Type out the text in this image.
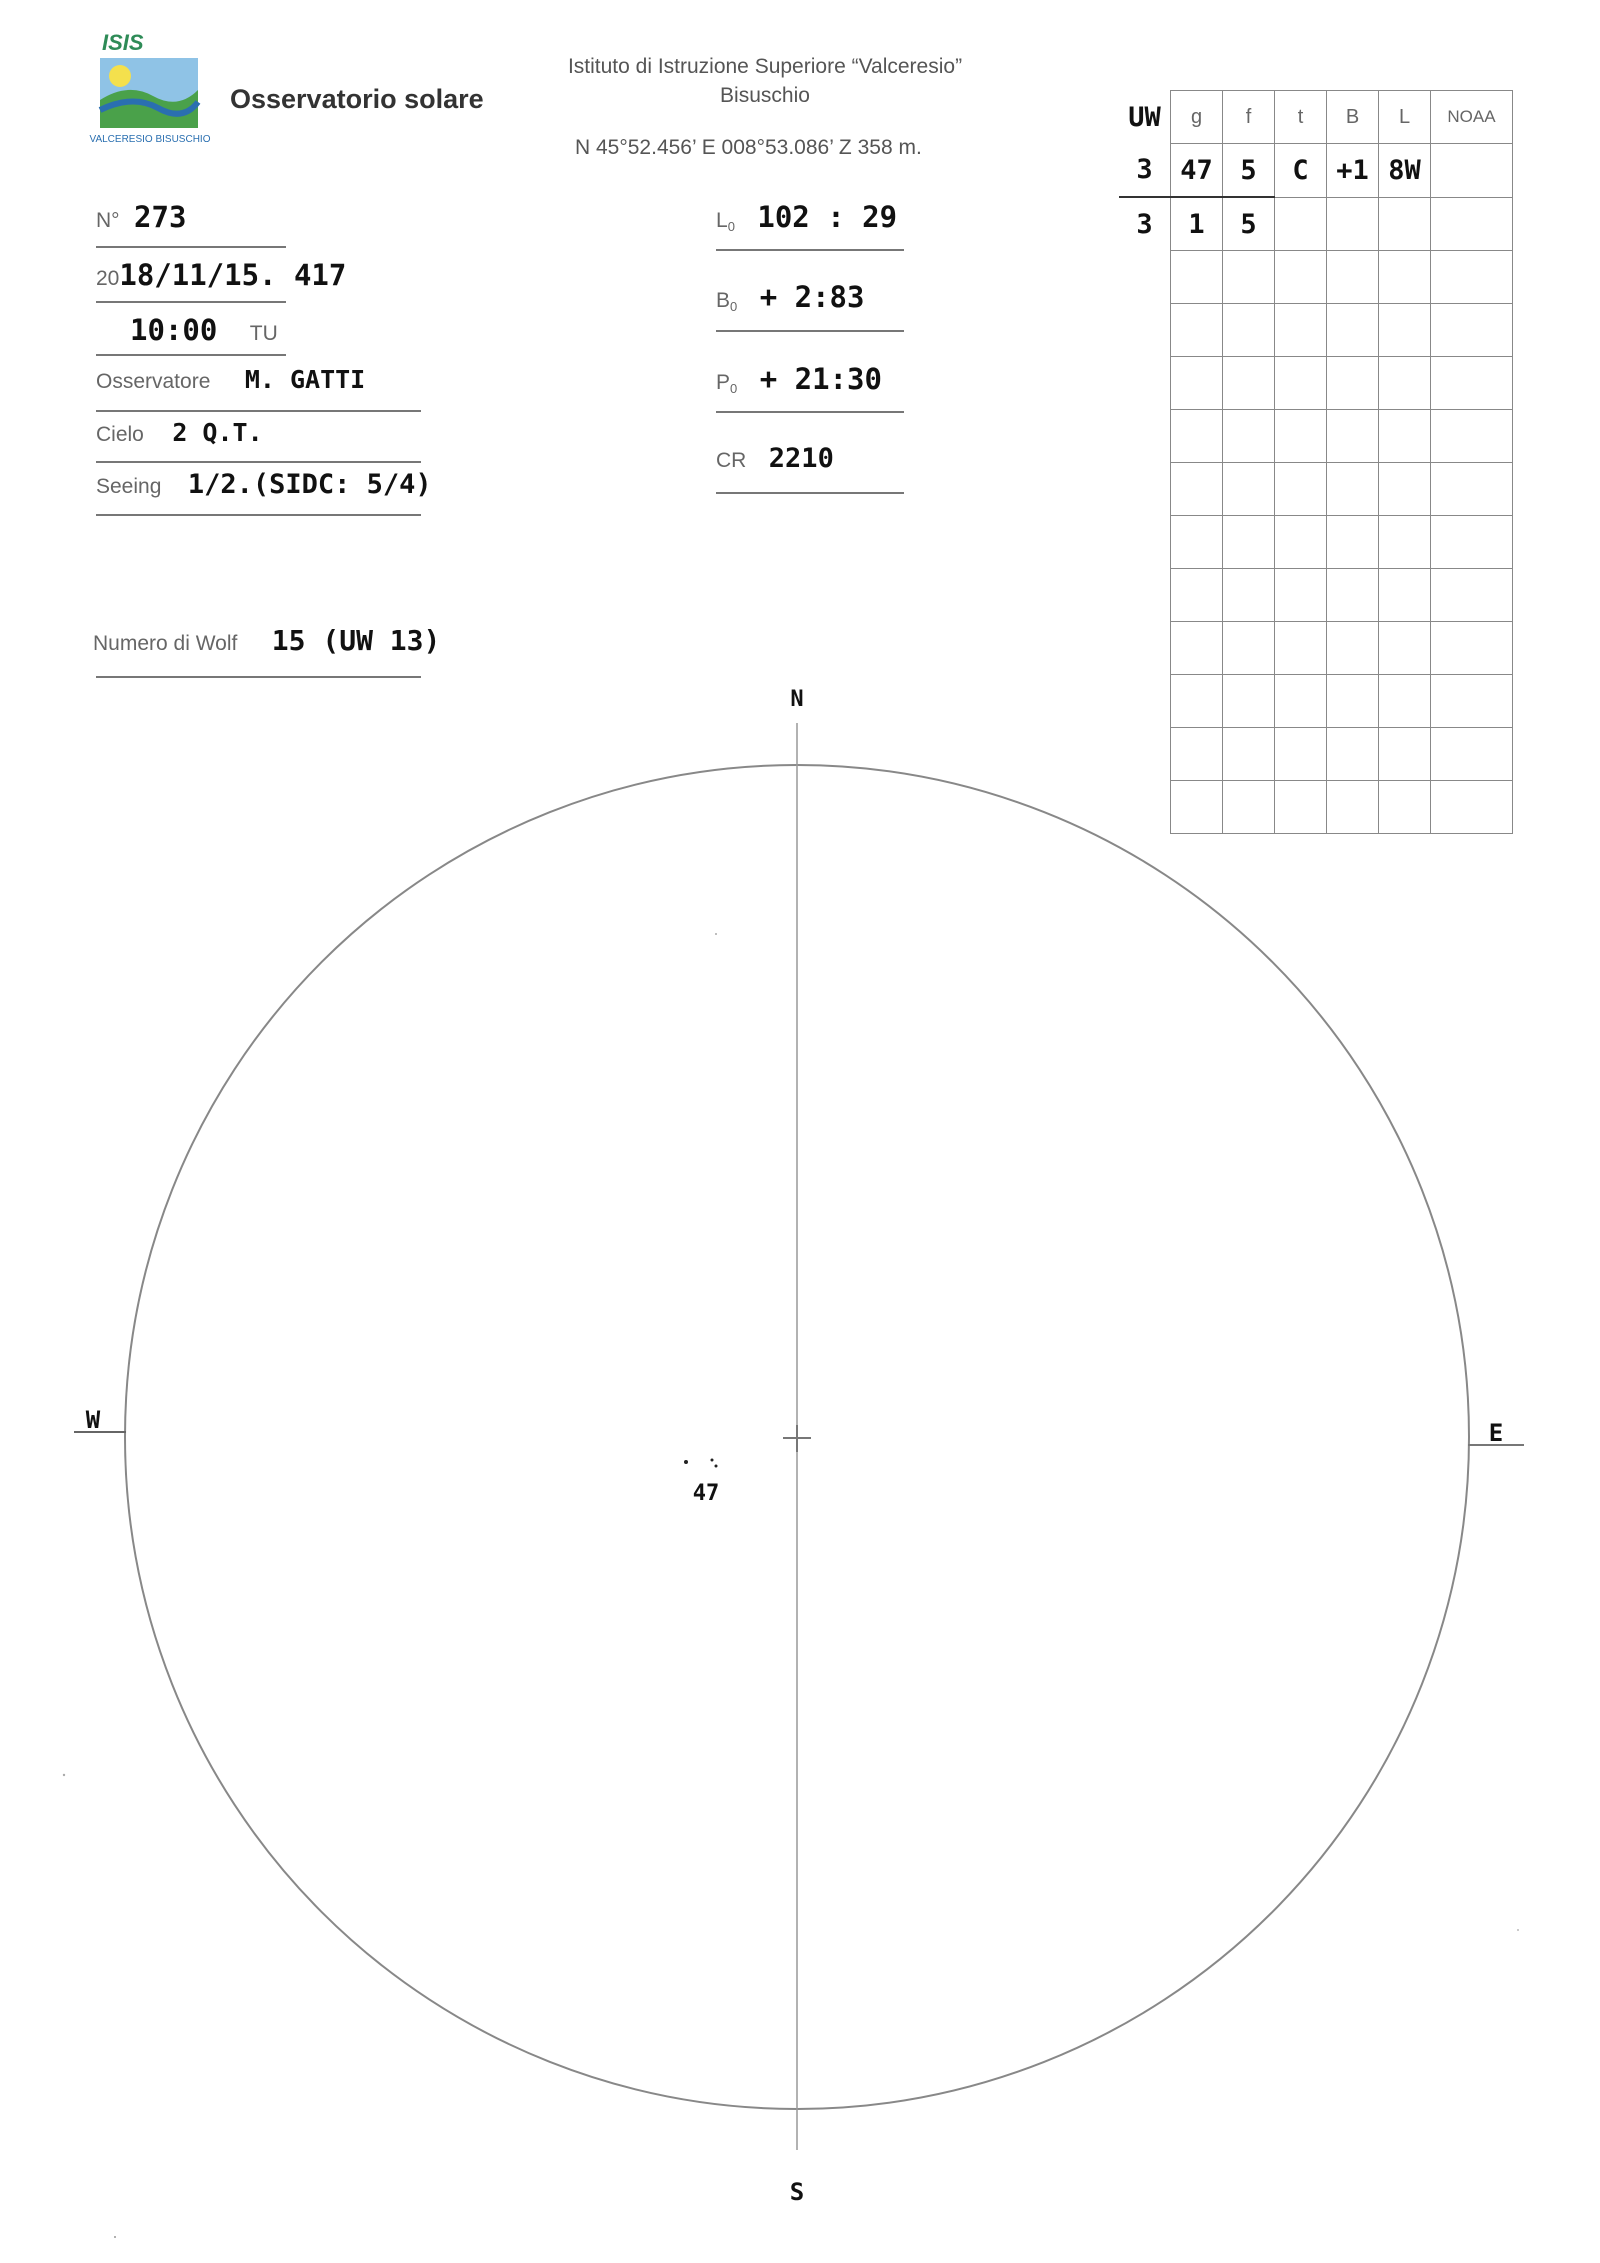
ISIS
VALCERESIO BISUSCHIO
Osservatorio solare
Istituto di Istruzione Superiore “Valceresio”
Bisuschio
N 45°52.456’ E 008°53.086’ Z 358 m.
N° 273
2018/11/15. 417
10:00 TU
Osservatore M. GATTI
Cielo 2 Q.T.
Seeing 1/2.(SIDC: 5/4)
Numero di Wolf 15 (UW 13)
$L_0$ 102 : 29
$B_0$ + 2:83
$P_0$ + 21:30
CR 2210
UW	g	f	t	B	L	NOAA
3	47	5	C	+1	8W	
3	1	5				

N
S
W	E
47
